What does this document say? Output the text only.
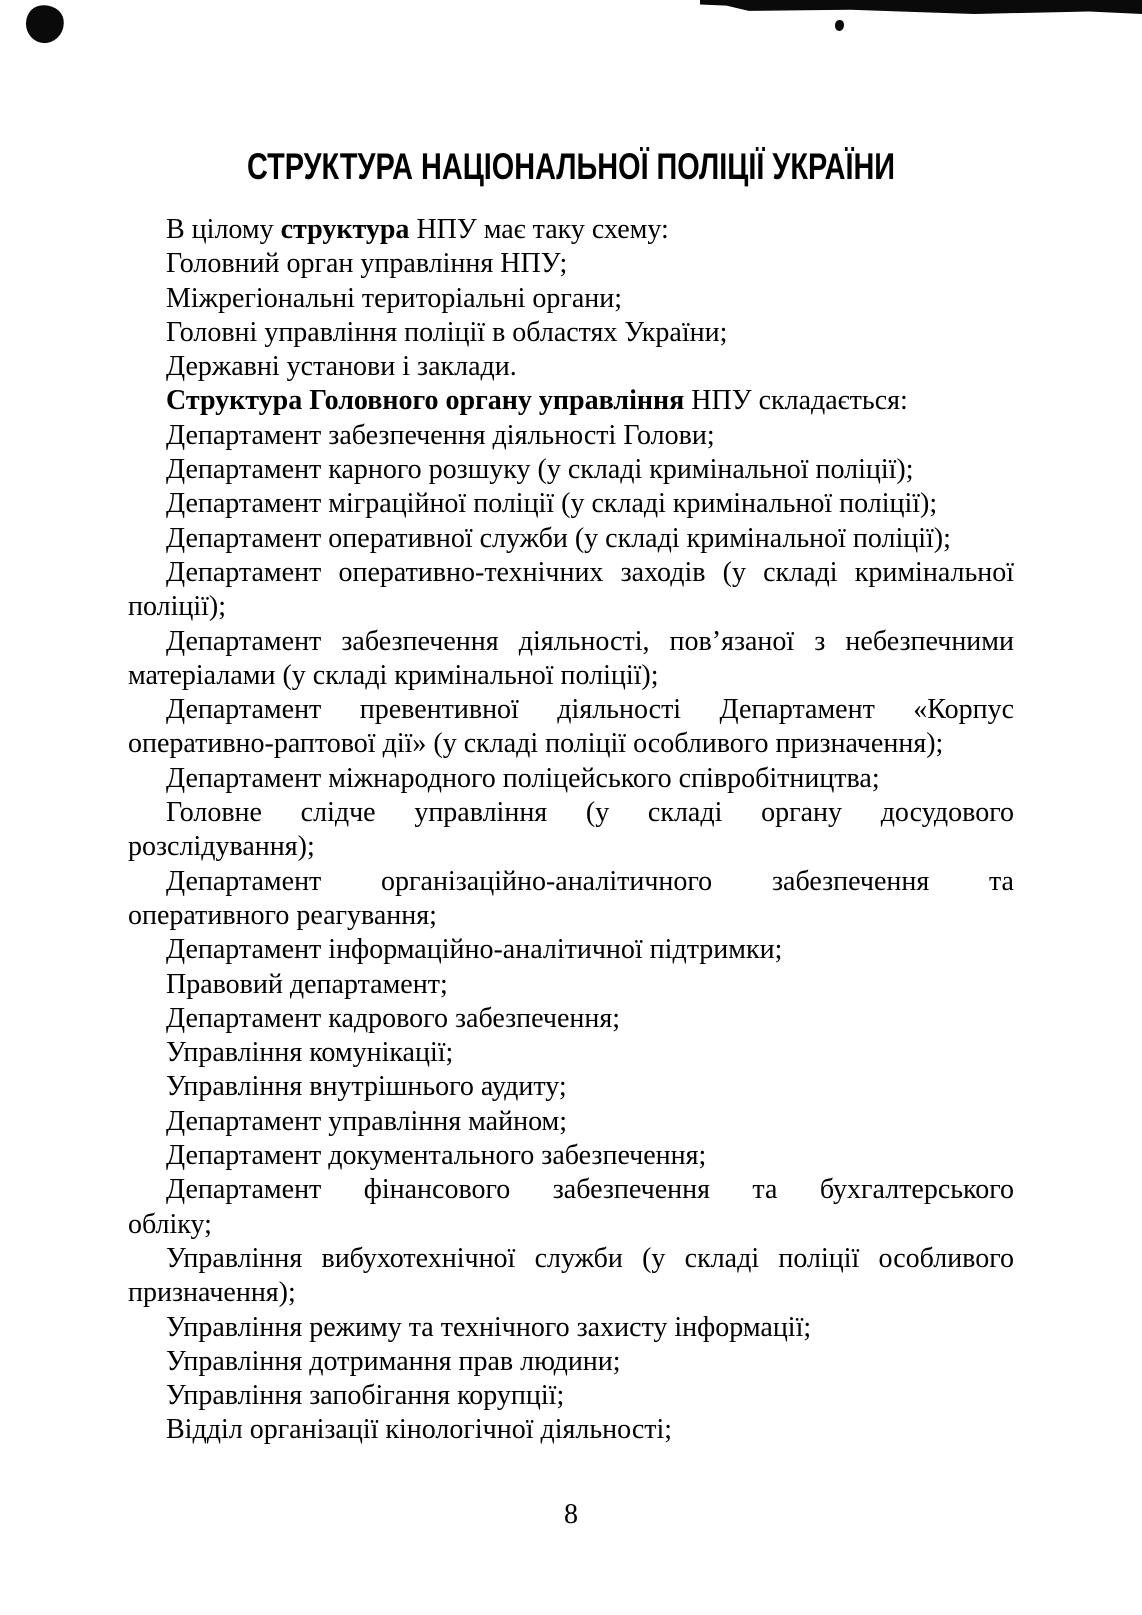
СТРУКТУРА НАЦІОНАЛЬНОЇ ПОЛІЦІЇ УКРАЇНИ
В цілому структура НПУ має таку схему:
Головний орган управління НПУ;
Міжрегіональні територіальні органи;
Головні управління поліції в областях України;
Державні установи і заклади.
Структура Головного органу управління НПУ складається:
Департамент забезпечення діяльності Голови;
Департамент карного розшуку (у складі кримінальної поліції);
Департамент міграційної поліції (у складі кримінальної поліції);
Департамент оперативної служби (у складі кримінальної поліції);
Департамент оперативно-технічних заходів (у складі кримінальної
поліції);
Департамент забезпечення діяльності, пов’язаної з небезпечними
матеріалами (у складі кримінальної поліції);
Департамент превентивної діяльності Департамент «Корпус
оперативно-раптової дії» (у складі поліції особливого призначення);
Департамент міжнародного поліцейського співробітництва;
Головне слідче управління (у складі органу досудового
розслідування);
Департамент організаційно-аналітичного забезпечення та
оперативного реагування;
Департамент інформаційно-аналітичної підтримки;
Правовий департамент;
Департамент кадрового забезпечення;
Управління комунікації;
Управління внутрішнього аудиту;
Департамент управління майном;
Департамент документального забезпечення;
Департамент фінансового забезпечення та бухгалтерського
обліку;
Управління вибухотехнічної служби (у складі поліції особливого
призначення);
Управління режиму та технічного захисту інформації;
Управління дотримання прав людини;
Управління запобігання корупції;
Відділ організації кінологічної діяльності;
8
